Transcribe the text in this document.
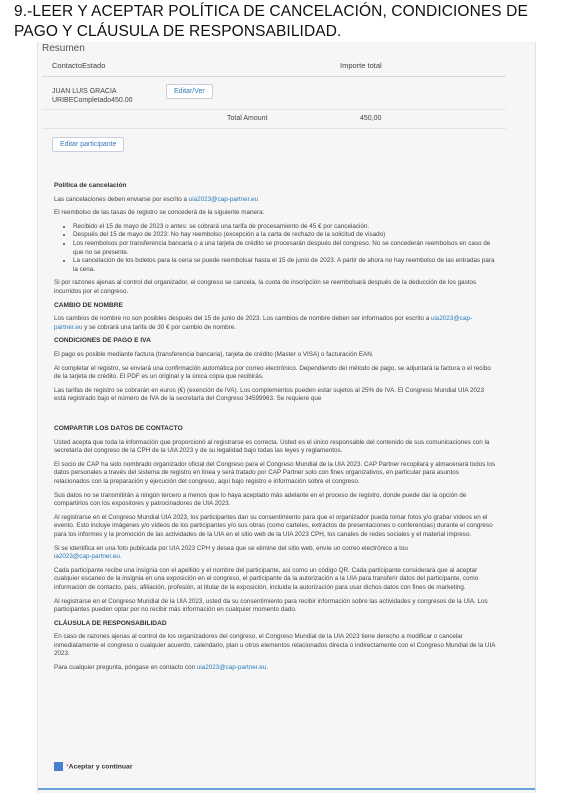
9.-LEER Y ACEPTAR POLÍTICA DE CANCELACIÓN, CONDICIONES DE PAGO Y CLÁUSULA DE RESPONSABILIDAD.
Resumen
ContactoEstado	Importe total
JUAN LUIS GRACIA
URIBECompletado450.00
Editar/Ver
Total Amount	450,00
Editar participante

Política de cancelación

Las cancelaciones deben enviarse por escrito a uia2023@cap-partner.eu

El reembolso de las tasas de registro se concederá de la siguiente manera:

• Recibido el 15 de mayo de 2023 o antes: se cobrará una tarifa de procesamiento de 45 € por cancelación.
• Después del 15 de mayo de 2023: No hay reembolso (excepción a la carta de rechazo de la solicitud de visado)
• Los reembolsos por transferencia bancaria o a una tarjeta de crédito se procesarán después del congreso. No se concederán reembolsos en caso de que no se presente.
• La cancelación de los boletos para la cena se puede reembolsar hasta el 15 de junio de 2023. A partir de ahora no hay reembolso de las entradas para la cena.

Si por razones ajenas al control del organizador, el congreso se cancela, la cuota de inscripción se reembolsará después de la deducción de los gastos incurridos por el congreso.

CAMBIO DE NOMBRE

Los cambios de nombre no son posibles después del 15 de junio de 2023. Los cambios de nombre deben ser informados por escrito a uia2023@cap-partner.eu y se cobrará una tarifa de 30 € por cambio de nombre.

CONDICIONES DE PAGO E IVA

El pago es posible mediante factura (transferencia bancaria), tarjeta de crédito (Master o VISA) o facturación EAN.

Al completar el registro, se enviará una confirmación automática por correo electrónico. Dependiendo del método de pago, se adjuntará la factura o el recibo de la tarjeta de crédito. El PDF es un original y la única copia que recibirás.

Las tarifas de registro se cobrarán en euros (€) (exención de IVA). Los complementos pueden estar sujetos al 25% de IVA. El Congreso Mundial UIA 2023 está registrado bajo el número de IVA de la secretaría del Congreso 34599963. Se requiere que

COMPARTIR LOS DATOS DE CONTACTO

Usted acepta que toda la información que proporcionó al registrarse es correcta. Usted es el único responsable del contenido de sus comunicaciones con la secretaría del congreso de la CPH de la UIA 2023 y de su legalidad bajo todas las leyes y reglamentos.

El socio de CAP ha sido nombrado organizador oficial del Congreso para el Congreso Mundial de la UIA 2023. CAP Partner recopilará y almacenará todos los datos personales a través del sistema de registro en línea y será tratado por CAP Partner solo con fines organizativos, en particular para asuntos relacionados con la preparación y ejecución del congreso, aquí bajo registro e información sobre el congreso.

Sus datos no se transmitirán a ningún tercero a menos que lo haya aceptado más adelante en el proceso de registro, donde puede dar la opción de compartirlos con los expositores y patrocinadores de UIA 2023.

Al registrarse en el Congreso Mundial UIA 2023, los participantes dan su consentimiento para que el organizador pueda tomar fotos y/o grabar vídeos en el evento. Esto incluye imágenes y/o vídeos de los participantes y/o sus obras (como carteles, extractos de presentaciones o conferencias) durante el congreso para los informes y la promoción de las actividades de la UIA en el sitio web de la UIA 2023 CPH, los canales de redes sociales y el material impreso.

Si se identifica en una foto publicada por UIA 2023 CPH y desea que se elimine del sitio web, envíe un correo electrónico a tou
ia2023@cap-partner.eu.

Cada participante recibe una insignia con el apellido y el nombre del participante, así como un código QR. Cada participante considerará que al aceptar cualquier escaneo de la insignia en una exposición en el congreso, el participante da la autorización a la UIA para transferir datos del participante, como información de contacto, país, afiliación, profesión, al titular de la exposición, incluida la autorización para usar dichos datos con fines de marketing.

Al registrarse en el Congreso Mundial de la UIA 2023, usted da su consentimiento para recibir información sobre las actividades y congresos de la UIA. Los participantes pueden optar por no recibir más información en cualquier momento dado.

CLÁUSULA DE RESPONSABILIDAD

En caso de razones ajenas al control de los organizadores del congreso, el Congreso Mundial de la UIA 2023 tiene derecho a modificar o cancelar inmediatamente el congreso o cualquier acuerdo, calendario, plan u otros elementos relacionados directa o indirectamente con el Congreso Mundial de la UIA 2023.

Para cualquier pregunta, póngase en contacto con uia2023@cap-partner.eu.

*Aceptar y continuar
